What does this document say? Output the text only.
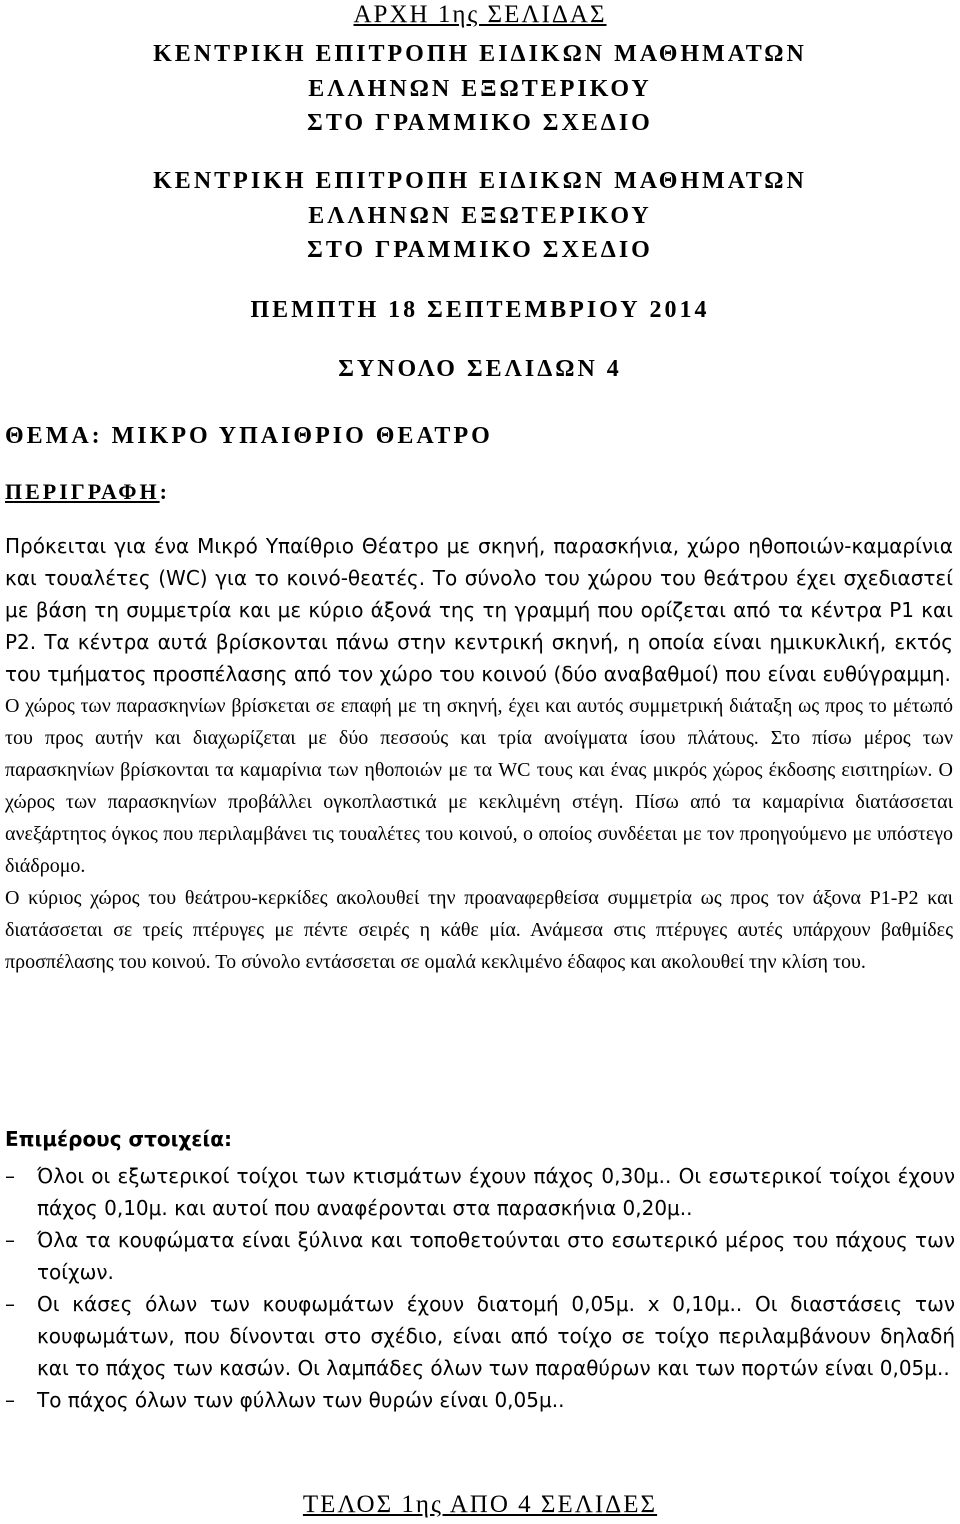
ΑΡΧΗ 1ης ΣΕΛΙΔΑΣ
ΚΕΝΤΡΙΚΗ ΕΠΙΤΡΟΠΗ ΕΙΔΙΚΩΝ ΜΑΘΗΜΑΤΩΝ
ΕΛΛΗΝΩΝ ΕΞΩΤΕΡΙΚΟΥ
ΣΤΟ ΓΡΑΜΜΙΚΟ ΣΧΕΔΙΟ
ΚΕΝΤΡΙΚΗ ΕΠΙΤΡΟΠΗ ΕΙΔΙΚΩΝ ΜΑΘΗΜΑΤΩΝ
ΕΛΛΗΝΩΝ ΕΞΩΤΕΡΙΚΟΥ
ΣΤΟ ΓΡΑΜΜΙΚΟ ΣΧΕΔΙΟ
ΠΕΜΠΤΗ 18 ΣΕΠΤΕΜΒΡΙΟΥ 2014
ΣΥΝΟΛΟ ΣΕΛΙΔΩΝ 4
ΘΕΜΑ: ΜΙΚΡΟ ΥΠΑΙΘΡΙΟ ΘΕΑΤΡΟ
ΠΕΡΙΓΡΑΦΗ:

Πρόκειται για ένα Μικρό Υπαίθριο Θέατρο με σκηνή, παρασκήνια, χώρο ηθοποιών-καμαρίνια και τουαλέτες (WC) για το κοινό-θεατές. Το σύνολο του χώρου του θεάτρου έχει σχεδιαστεί με βάση τη συμμετρία και με κύριο άξονά της τη γραμμή που ορίζεται από τα κέντρα Ρ1 και Ρ2. Τα κέντρα αυτά βρίσκονται πάνω στην κεντρική σκηνή, η οποία είναι ημικυκλική, εκτός του τμήματος προσπέλασης από τον χώρο του κοινού (δύο αναβαθμοί) που είναι ευθύγραμμη.

Ο χώρος των παρασκηνίων βρίσκεται σε επαφή με τη σκηνή, έχει και αυτός συμμετρική διάταξη ως προς το μέτωπό του προς αυτήν και διαχωρίζεται με δύο πεσσούς και τρία ανοίγματα ίσου πλάτους. Στο πίσω μέρος των παρασκηνίων βρίσκονται τα καμαρίνια των ηθοποιών με τα WC τους και ένας μικρός χώρος έκδοσης εισιτηρίων. Ο χώρος των παρασκηνίων προβάλλει ογκοπλαστικά με κεκλιμένη στέγη. Πίσω από τα καμαρίνια διατάσσεται ανεξάρτητος όγκος που περιλαμβάνει τις τουαλέτες του κοινού, ο οποίος συνδέεται με τον προηγούμενο με υπόστεγο διάδρομο.

Ο κύριος χώρος του θεάτρου-κερκίδες ακολουθεί την προαναφερθείσα συμμετρία ως προς τον άξονα Ρ1-Ρ2 και διατάσσεται σε τρείς πτέρυγες με πέντε σειρές η κάθε μία. Ανάμεσα στις πτέρυγες αυτές υπάρχουν βαθμίδες προσπέλασης του κοινού. Το σύνολο εντάσσεται σε ομαλά κεκλιμένο έδαφος και ακολουθεί την κλίση του.

Επιμέρους στοιχεία:
–	Όλοι οι εξωτερικοί τοίχοι των κτισμάτων έχουν πάχος 0,30μ.. Οι εσωτερικοί τοίχοι έχουν πάχος 0,10μ. και αυτοί που αναφέρονται στα παρασκήνια 0,20μ..
–	Όλα τα κουφώματα είναι ξύλινα και τοποθετούνται στο εσωτερικό μέρος του πάχους των τοίχων.
–	Οι κάσες όλων των κουφωμάτων έχουν διατομή 0,05μ. x 0,10μ.. Οι διαστάσεις των κουφωμάτων, που δίνονται στο σχέδιο, είναι από τοίχο σε τοίχο περιλαμβάνουν δηλαδή και το πάχος των κασών. Οι λαμπάδες όλων των παραθύρων και των πορτών είναι 0,05μ..
–	Το πάχος όλων των φύλλων των θυρών είναι 0,05μ..
ΤΕΛΟΣ 1ης ΑΠΟ 4 ΣΕΛΙΔΕΣ
